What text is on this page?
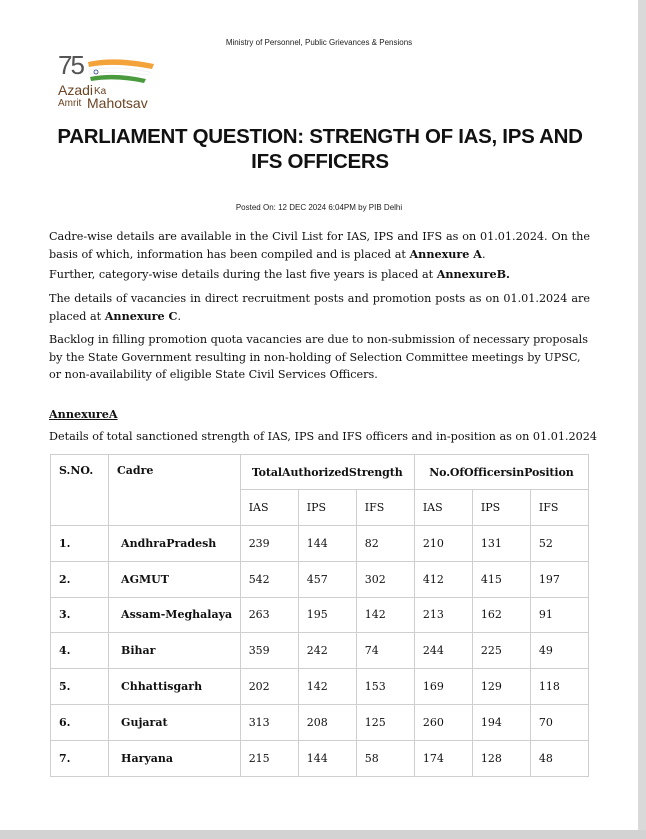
Ministry of Personnel, Public Grievances & Pensions
75
Azadi Ka
Amrit Mahotsav
PARLIAMENT QUESTION: STRENGTH OF IAS, IPS AND IFS OFFICERS
Posted On: 12 DEC 2024 6:04PM by PIB Delhi

Cadre-wise details are available in the Civil List for IAS, IPS and IFS as on 01.01.2024. On the basis of which, information has been compiled and is placed at Annexure A.

Further, category-wise details during the last five years is placed at AnnexureB.

The details of vacancies in direct recruitment posts and promotion posts as on 01.01.2024 are placed at Annexure C.

Backlog in filling promotion quota vacancies are due to non-submission of necessary proposals by the State Government resulting in non-holding of Selection Committee meetings by UPSC, or non-availability of eligible State Civil Services Officers.

AnnexureA
Details of total sanctioned strength of IAS, IPS and IFS officers and in-position as on 01.01.2024
S.NO.	Cadre	TotalAuthorizedStrength			No.OfOfficersinPosition		
		IAS	IPS	IFS	IAS	IPS	IFS
1.	AndhraPradesh	239	144	82	210	131	52
2.	AGMUT	542	457	302	412	415	197
3.	Assam-Meghalaya	263	195	142	213	162	91
4.	Bihar	359	242	74	244	225	49
5.	Chhattisgarh	202	142	153	169	129	118
6.	Gujarat	313	208	125	260	194	70
7.	Haryana	215	144	58	174	128	48
